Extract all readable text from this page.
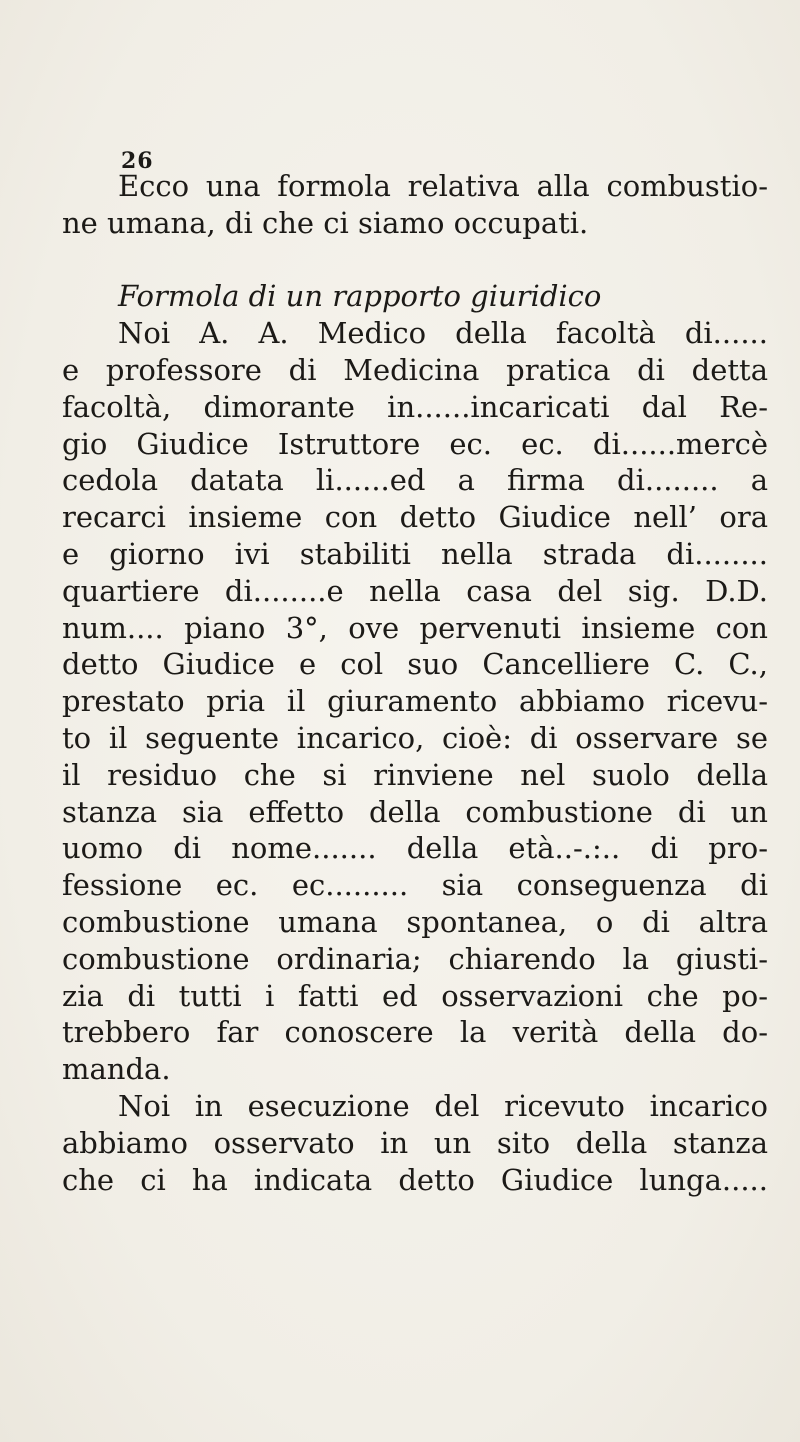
26
Ecco una formola relativa alla combustio-
ne umana, di che ci siamo occupati.
Formola di un rapporto giuridico
Noi A. A. Medico della facoltà di......
e professore di Medicina pratica di detta
facoltà, dimorante in......incaricati dal Re-
gio Giudice Istruttore ec. ec. di......mercè
cedola datata li......ed a firma di........ a
recarci insieme con detto Giudice nell’ ora
e giorno ivi stabiliti nella strada di........
quartiere di........e nella casa del sig. D.D.
num.... piano 3°, ove pervenuti insieme con
detto Giudice e col suo Cancelliere C. C.,
prestato pria il giuramento abbiamo ricevu-
to il seguente incarico, cioè: di osservare se
il residuo che si rinviene nel suolo della
stanza sia effetto della combustione di un
uomo di nome....... della età..-.:.. di pro-
fessione ec. ec......... sia conseguenza di
combustione umana spontanea, o di altra
combustione ordinaria; chiarendo la giusti-
zia di tutti i fatti ed osservazioni che po-
trebbero far conoscere la verità della do-
manda.
Noi in esecuzione del ricevuto incarico
abbiamo osservato in un sito della stanza
che ci ha indicata detto Giudice lunga.....
